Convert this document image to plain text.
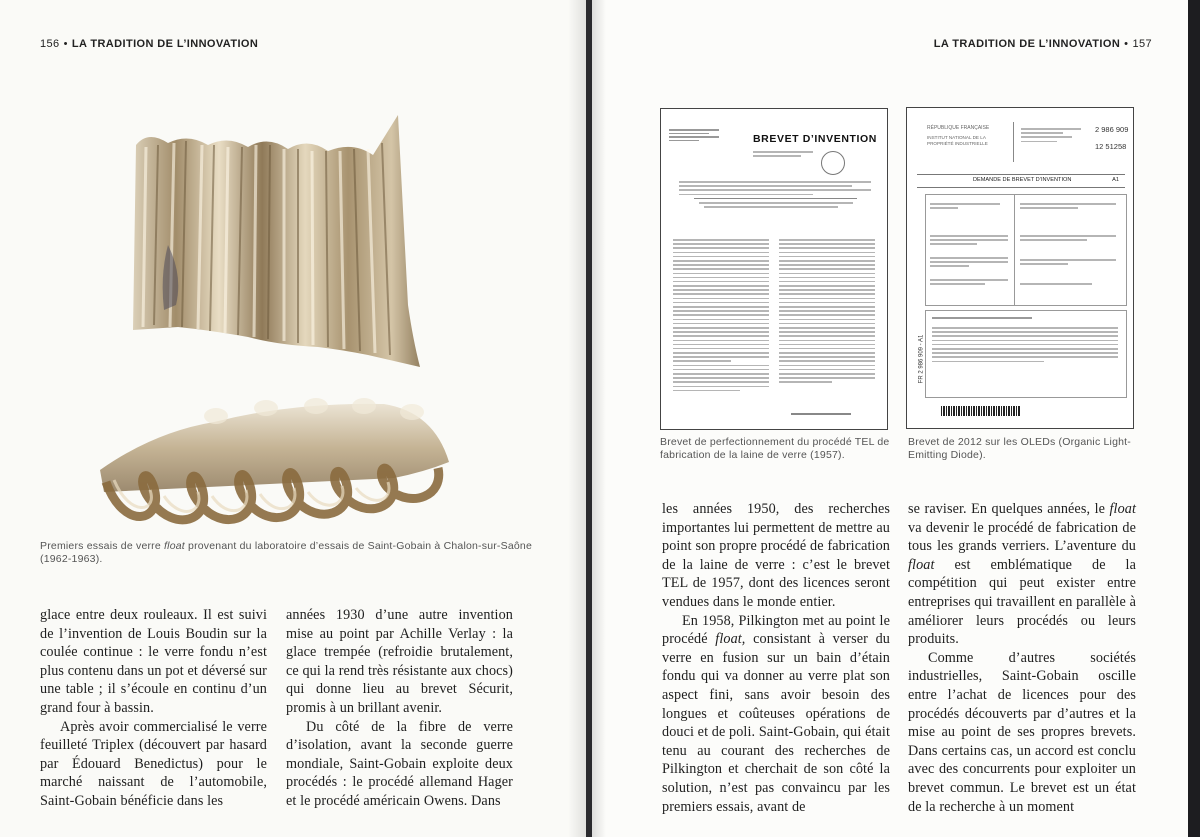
156 • LA TRADITION DE L’INNOVATION
Premiers essais de verre float provenant du laboratoire d’essais de Saint-Gobain à Chalon-sur-Saône (1962-1963).

glace entre deux rouleaux. Il est suivi de l’invention de Louis Boudin sur la coulée continue : le verre fondu n’est plus contenu dans un pot et déversé sur une table ; il s’écoule en continu d’un grand four à bassin.

Après avoir commercialisé le verre feuilleté Triplex (découvert par hasard par Édouard Benedictus) pour le marché naissant de l’automobile, Saint-Gobain bénéficie dans les

années 1930 d’une autre invention mise au point par Achille Verlay : la glace trempée (refroidie brutalement, ce qui la rend très résistante aux chocs) qui donne lieu au brevet Sécurit, promis à un brillant avenir.

Du côté de la fibre de verre d’isolation, avant la seconde guerre mondiale, Saint-Gobain exploite deux procédés : le procédé allemand Hager et le procédé américain Owens. Dans

LA TRADITION DE L’INNOVATION • 157
BREVET D’INVENTION
Brevet de perfectionnement du procédé TEL de fabrication de la laine de verre (1957).
RÉPUBLIQUE FRANÇAISE
INSTITUT NATIONAL DE LA PROPRIÉTÉ INDUSTRIELLE
2 986 909
12 51258
DEMANDE DE BREVET D’INVENTION	A1
FR 2 986 909 - A1
Brevet de 2012 sur les OLEDs (Organic Light-Emitting Diode).

les années 1950, des recherches importantes lui permettent de mettre au point son propre procédé de fabrication de la laine de verre : c’est le brevet TEL de 1957, dont des licences seront vendues dans le monde entier.

En 1958, Pilkington met au point le procédé float, consistant à verser du verre en fusion sur un bain d’étain fondu qui va donner au verre plat son aspect fini, sans avoir besoin des longues et coûteuses opérations de douci et de poli. Saint-Gobain, qui était tenu au courant des recherches de Pilkington et cherchait de son côté la solution, n’est pas convaincu par les premiers essais, avant de

se raviser. En quelques années, le float va devenir le procédé de fabrication de tous les grands verriers. L’aventure du float est emblématique de la compétition qui peut exister entre entreprises qui travaillent en parallèle à améliorer leurs procédés ou leurs produits.

Comme d’autres sociétés industrielles, Saint-Gobain oscille entre l’achat de licences pour des procédés découverts par d’autres et la mise au point de ses propres brevets. Dans certains cas, un accord est conclu avec des concurrents pour exploiter un brevet commun. Le brevet est un état de la recherche à un moment
